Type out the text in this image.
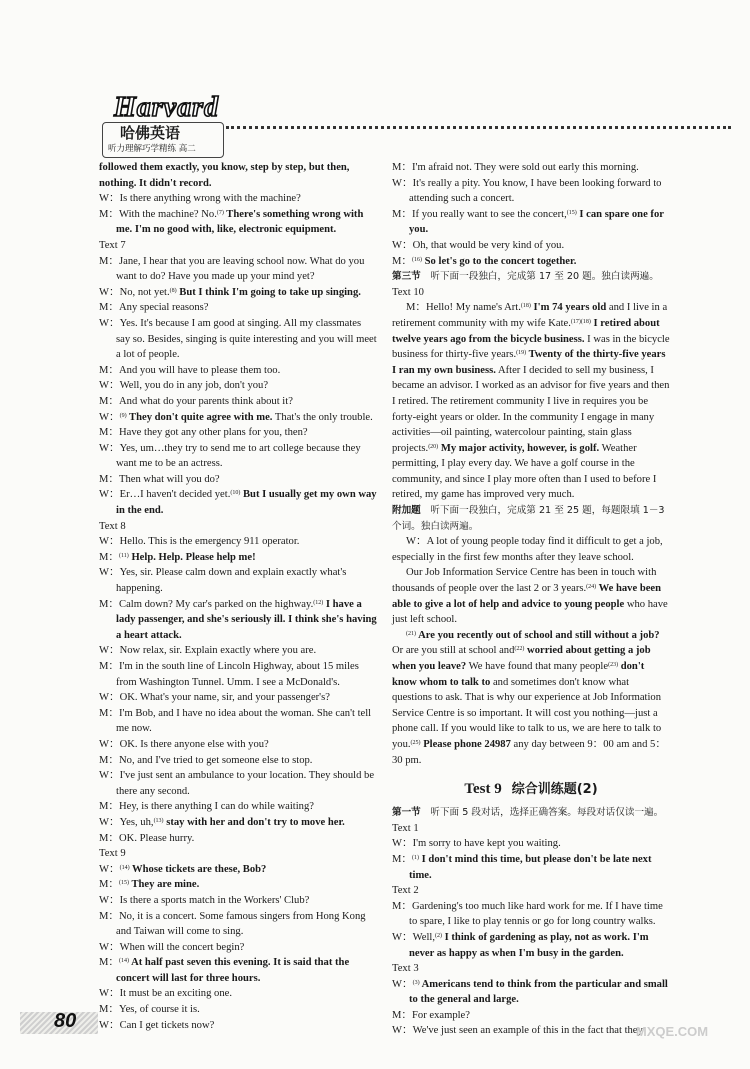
Harvard
哈佛英语
听力理解巧学精练 高二
followed them exactly, you know, step by step, but then, nothing. It didn't record.
W：Is there anything wrong with the machine?
M：With the machine? No.$^{(7)}$ There's something wrong with me. I'm no good with, like, electronic equipment.
Text 7
M：Jane, I hear that you are leaving school now. What do you want to do? Have you made up your mind yet?
W：No, not yet.$^{(8)}$ But I think I'm going to take up singing.
M：Any special reasons?
W：Yes. It's because I am good at singing. All my classmates say so. Besides, singing is quite interesting and you will meet a lot of people.
M：And you will have to please them too.
W：Well, you do in any job, don't you?
M：And what do your parents think about it?
W：$^{(9)}$ They don't quite agree with me. That's the only trouble.
M：Have they got any other plans for you, then?
W：Yes, um…they try to send me to art college because they want me to be an actress.
M：Then what will you do?
W：Er…I haven't decided yet.$^{(10)}$ But I usually get my own way in the end.
Text 8
W：Hello. This is the emergency 911 operator.
M：$^{(11)}$ Help. Help. Please help me!
W：Yes, sir. Please calm down and explain exactly what's happening.
M：Calm down? My car's parked on the highway.$^{(12)}$ I have a lady passenger, and she's seriously ill. I think she's having a heart attack.
W：Now relax, sir. Explain exactly where you are.
M：I'm in the south line of Lincoln Highway, about 15 miles from Washington Tunnel. Umm. I see a McDonald's.
W：OK. What's your name, sir, and your passenger's?
M：I'm Bob, and I have no idea about the woman. She can't tell me now.
W：OK. Is there anyone else with you?
M：No, and I've tried to get someone else to stop.
W：I've just sent an ambulance to your location. They should be there any second.
M：Hey, is there anything I can do while waiting?
W：Yes, uh,$^{(13)}$ stay with her and don't try to move her.
M：OK. Please hurry.
Text 9
W：$^{(14)}$ Whose tickets are these, Bob?
M：$^{(15)}$ They are mine.
W：Is there a sports match in the Workers' Club?
M：No, it is a concert. Some famous singers from Hong Kong and Taiwan will come to sing.
W：When will the concert begin?
M：$^{(14)}$ At half past seven this evening. It is said that the concert will last for three hours.
W：It must be an exciting one.
M：Yes, of course it is.
W：Can I get tickets now?
M：I'm afraid not. They were sold out early this morning.
W：It's really a pity. You know, I have been looking forward to attending such a concert.
M：If you really want to see the concert,$^{(15)}$ I can spare one for you.
W：Oh, that would be very kind of you.
M：$^{(16)}$ So let's go to the concert together.
第三节　听下面一段独白，完成第 17 至 20 题。独白读两遍。
Text 10
M：Hello! My name's Art.$^{(18)}$ I'm 74 years old and I live in a retirement community with my wife Kate.$^{(17)(18)}$ I retired about twelve years ago from the bicycle business. I was in the bicycle business for thirty-five years.$^{(19)}$ Twenty of the thirty-five years I ran my own business. After I decided to sell my business, I became an advisor. I worked as an advisor for five years and then I retired. The retirement community I live in requires you be forty-eight years or older. In the community I engage in many activities—oil painting, watercolour painting, stain glass projects.$^{(20)}$ My major activity, however, is golf. Weather permitting, I play every day. We have a golf course in the community, and since I play more often than I used to before I retired, my game has improved very much.
附加题　听下面一段独白，完成第 21 至 25 题，每题限填 1－3 个词。独白读两遍。
W：A lot of young people today find it difficult to get a job, especially in the first few months after they leave school.
Our Job Information Service Centre has been in touch with thousands of people over the last 2 or 3 years.$^{(24)}$ We have been able to give a lot of help and advice to young people who have just left school.
$^{(21)}$ Are you recently out of school and still without a job? Or are you still at school and$^{(22)}$ worried about getting a job when you leave? We have found that many people$^{(23)}$ don't know whom to talk to and sometimes don't know what questions to ask. That is why our experience at Job Information Service Centre is so important. It will cost you nothing—just a phone call. If you would like to talk to us, we are here to talk to you.$^{(25)}$ Please phone 24987 any day between 9：00 am and 5：30 pm.
Test 9 综合训练题(2)
第一节　听下面 5 段对话，选择正确答案。每段对话仅读一遍。
Text 1
W：I'm sorry to have kept you waiting.
M：$^{(1)}$ I don't mind this time, but please don't be late next time.
Text 2
M：Gardening's too much like hard work for me. If I have time to spare, I like to play tennis or go for long country walks.
W：Well,$^{(2)}$ I think of gardening as play, not as work. I'm never as happy as when I'm busy in the garden.
Text 3
W：$^{(3)}$ Americans tend to think from the particular and small to the general and large.
M：For example?
W：We've just seen an example of this in the fact that they
80	MXQE.COM
